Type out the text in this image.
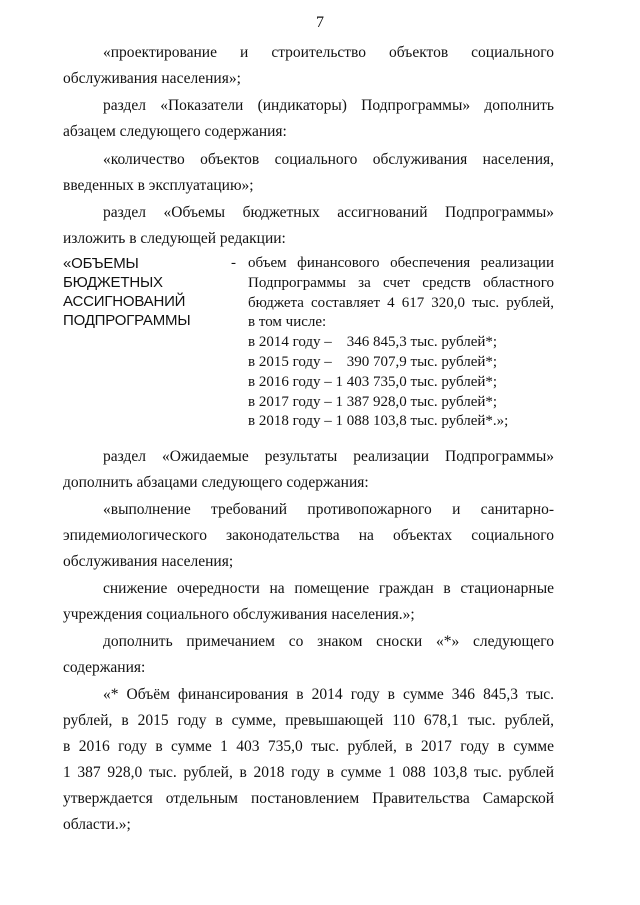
7
«проектирование и строительство объектов социального
обслуживания населения»;
раздел «Показатели (индикаторы) Подпрограммы» дополнить
абзацем следующего содержания:
«количество объектов социального обслуживания населения,
введенных в эксплуатацию»;
раздел «Объемы бюджетных ассигнований Подпрограммы»
изложить в следующей редакции:
«ОБЪЕМЫ
БЮДЖЕТНЫХ
АССИГНОВАНИЙ
ПОДПРОГРАММЫ
- объем финансового обеспечения реализации
Подпрограммы за счет средств областного
бюджета составляет 4 617 320,0 тыс. рублей,
в том числе:
в 2014 году –    346 845,3 тыс. рублей*;
в 2015 году –    390 707,9 тыс. рублей*;
в 2016 году – 1 403 735,0 тыс. рублей*;
в 2017 году – 1 387 928,0 тыс. рублей*;
в 2018 году – 1 088 103,8 тыс. рублей*.»;
раздел «Ожидаемые результаты реализации Подпрограммы»
дополнить абзацами следующего содержания:
«выполнение требований противопожарного и санитарно-
эпидемиологического законодательства на объектах социального
обслуживания населения;
снижение очередности на помещение граждан в стационарные
учреждения социального обслуживания населения.»;
дополнить примечанием со знаком сноски «*» следующего
содержания:
«* Объём финансирования в 2014 году в сумме 346 845,3 тыс.
рублей, в 2015 году в сумме, превышающей 110 678,1 тыс. рублей,
в 2016 году в сумме 1 403 735,0 тыс. рублей, в 2017 году в сумме
1 387 928,0 тыс. рублей, в 2018 году в сумме 1 088 103,8 тыс. рублей
утверждается отдельным постановлением Правительства Самарской
области.»;
